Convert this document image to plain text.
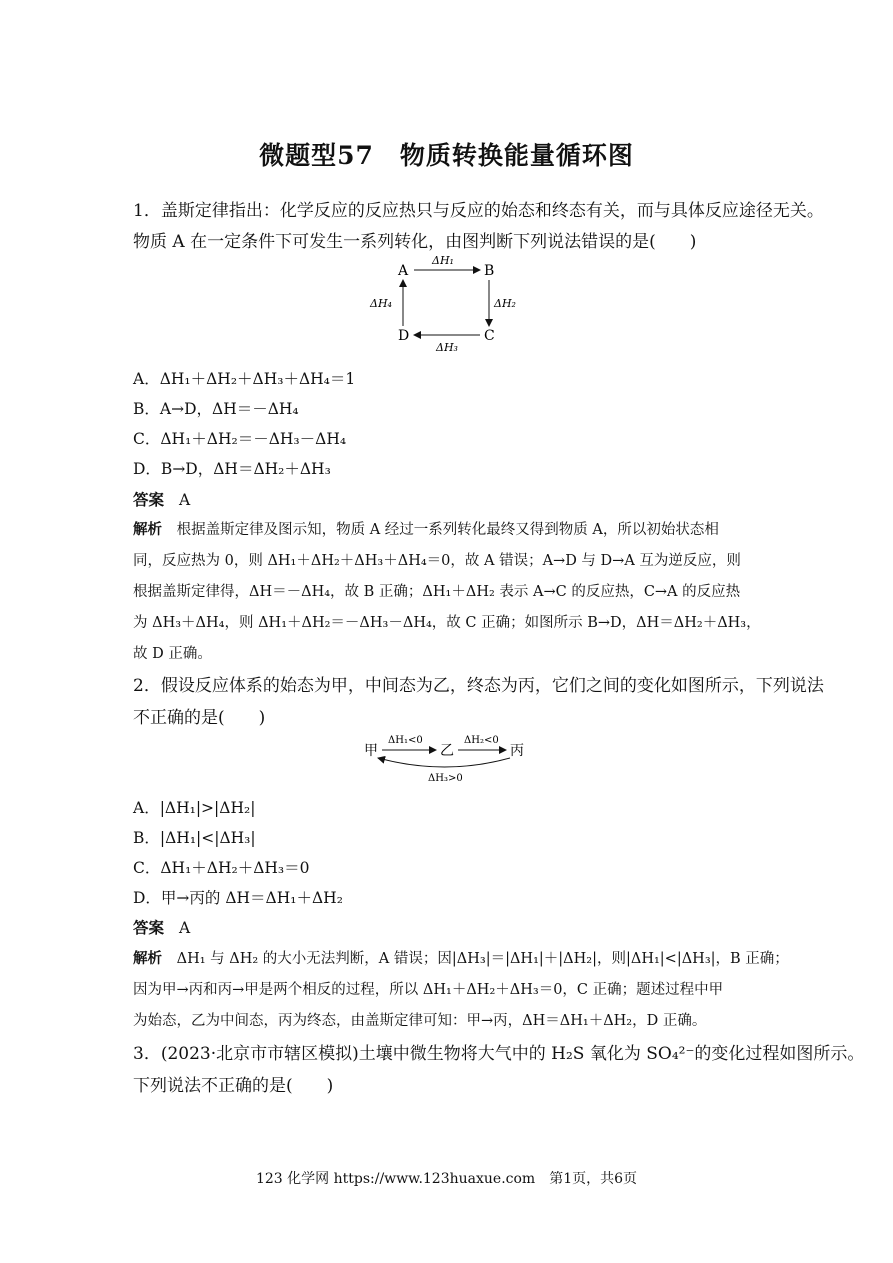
微题型57　物质转换能量循环图
1．盖斯定律指出：化学反应的反应热只与反应的始态和终态有关，而与具体反应途径无关。
物质 A 在一定条件下可发生一系列转化，由图判断下列说法错误的是(　　)
A	B
C
D
ΔH₁
ΔH₂
ΔH₃
ΔH₄
A．ΔH₁＋ΔH₂＋ΔH₃＋ΔH₄＝1
B．A→D，ΔH＝－ΔH₄
C．ΔH₁＋ΔH₂＝－ΔH₃－ΔH₄
D．B→D，ΔH＝ΔH₂＋ΔH₃
答案 A
解析 根据盖斯定律及图示知，物质 A 经过一系列转化最终又得到物质 A，所以初始状态相
同，反应热为 0，则 ΔH₁＋ΔH₂＋ΔH₃＋ΔH₄＝0，故 A 错误；A→D 与 D→A 互为逆反应，则
根据盖斯定律得，ΔH＝－ΔH₄，故 B 正确；ΔH₁＋ΔH₂ 表示 A→C 的反应热，C→A 的反应热
为 ΔH₃＋ΔH₄，则 ΔH₁＋ΔH₂＝－ΔH₃－ΔH₄，故 C 正确；如图所示 B→D，ΔH＝ΔH₂＋ΔH₃，
故 D 正确。
2．假设反应体系的始态为甲，中间态为乙，终态为丙，它们之间的变化如图所示，下列说法
不正确的是(　　)
甲	乙	丙
ΔH₁<0	ΔH₂<0
ΔH₃>0
A．|ΔH₁|>|ΔH₂|
B．|ΔH₁|<|ΔH₃|
C．ΔH₁＋ΔH₂＋ΔH₃＝0
D．甲→丙的 ΔH＝ΔH₁＋ΔH₂
答案 A
解析 ΔH₁ 与 ΔH₂ 的大小无法判断，A 错误；因|ΔH₃|＝|ΔH₁|＋|ΔH₂|，则|ΔH₁|<|ΔH₃|，B 正确；
因为甲→丙和丙→甲是两个相反的过程，所以 ΔH₁＋ΔH₂＋ΔH₃＝0，C 正确；题述过程中甲
为始态，乙为中间态，丙为终态，由盖斯定律可知：甲→丙，ΔH＝ΔH₁＋ΔH₂，D 正确。
3．(2023·北京市市辖区模拟)土壤中微生物将大气中的 H₂S 氧化为 SO₄²⁻的变化过程如图所示。
下列说法不正确的是(　　)
123 化学网 https://www.123huaxue.com　第1页，共6页
